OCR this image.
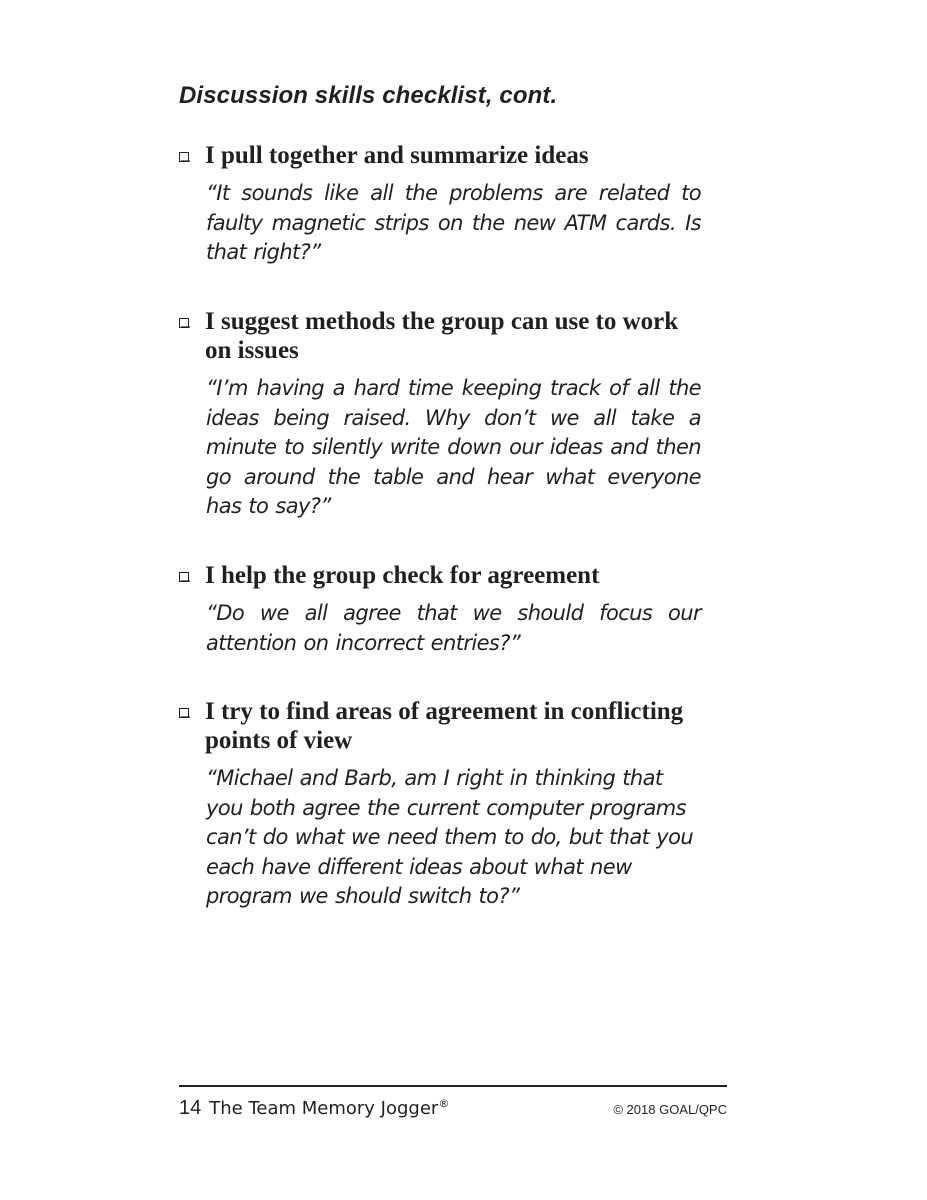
Discussion skills checklist, cont.
I pull together and summarize ideas

“It sounds like all the problems are related to faulty magnetic strips on the new ATM cards. Is that right?”

I suggest methods the group can use to work on issues

“I’m having a hard time keeping track of all the ideas being raised. Why don’t we all take a minute to silently write down our ideas and then go around the table and hear what everyone has to say?”

I help the group check for agreement

“Do we all agree that we should focus our attention on incorrect entries?”

I try to find areas of agreement in conflicting points of view

“Michael and Barb, am I right in thinking that you both agree the current computer programs can’t do what we need them to do, but that you each have different ideas about what new program we should switch to?”

14 The Team Memory Jogger®	© 2018 GOAL/QPC
